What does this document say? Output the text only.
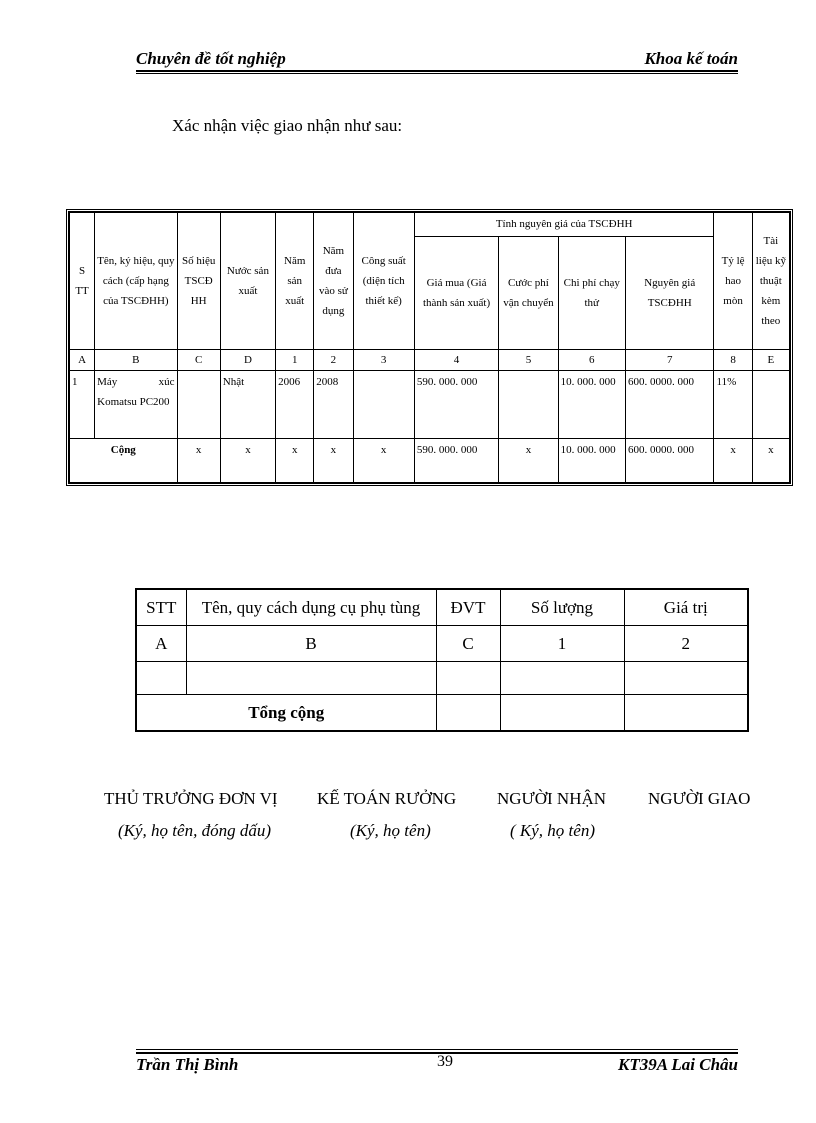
Chuyên đề tốt nghiệp	Khoa kế toán
Xác nhận việc giao nhận như sau:
S TT	Tên, ký hiệu, quy cách (cấp hạng của TSCĐHH)	Số hiệu TSCĐ HH	Nước sản xuất	Năm sản xuất	Năm đưa vào sử dụng	Công suất (diện tích thiết kế)	Tính nguyên giá của TSCĐHH				Tỷ lệ hao mòn	Tài liệu kỹ thuật kèm theo
							Giá mua (Giá thành sản xuất)	Cước phí vận chuyển	Chi phí chạy thử	Nguyên giá TSCĐHH		
A	B	C	D	1	2	3	4	5	6	7	8	E
1	Máy xúc Komatsu PC200		Nhật	2006	2008		590. 000. 000		10. 000. 000	600. 0000. 000	11%	
Cộng		x	x	x	x	x	590. 000. 000	x	10. 000. 000	600. 0000. 000	x	x
STT	Tên, quy cách dụng cụ phụ tùng	ĐVT	Số lượng	Giá trị
A	B	C	1	2

Tổng cộng				
THỦ TRƯỞNG ĐƠN VỊ KẾ TOÁN RƯỞNG NGƯỜI NHẬN NGƯỜI GIAO
(Ký, họ tên, đóng dấu)	(Ký, họ tên)	( Ký, họ tên)
Trần Thị Bình	39	KT39A Lai Châu
